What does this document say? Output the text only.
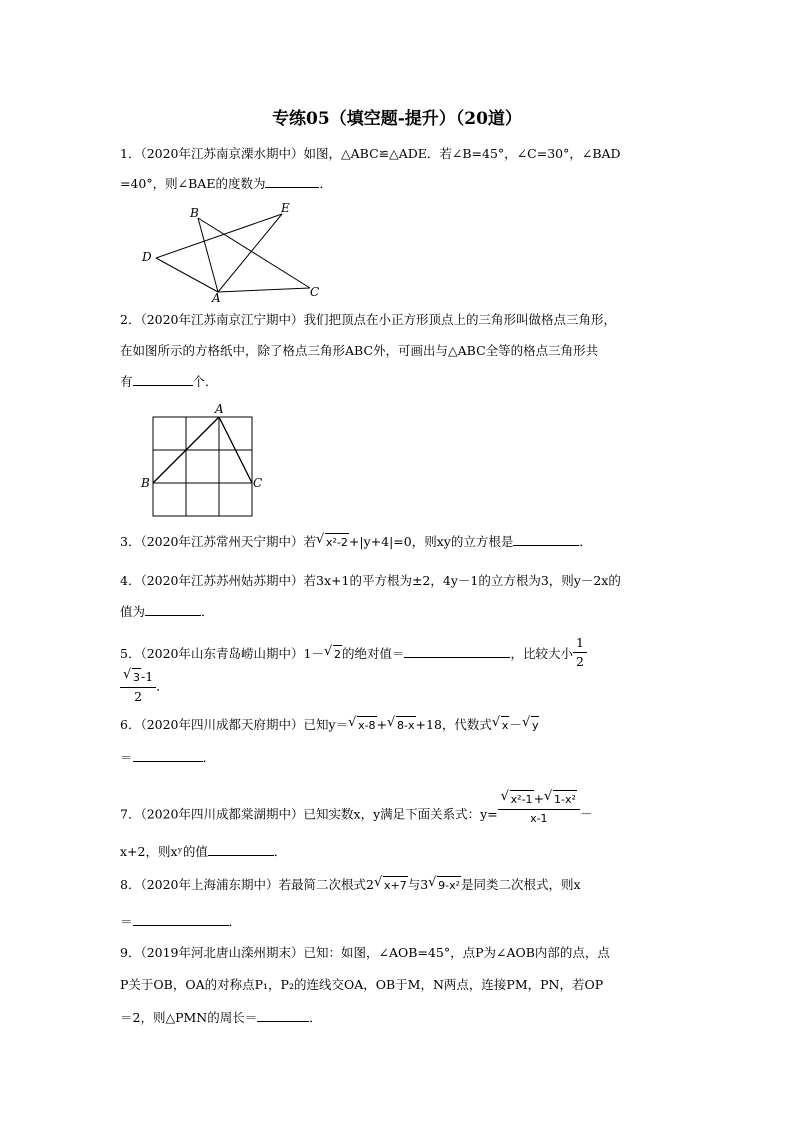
专练05（填空题-提升）（20道）
1．（2020年江苏南京溧水期中）如图，△ABC≌△ADE．若∠B=45°，∠C=30°，∠BAD
=40°，则∠BAE的度数为	．
B	E
D
A	C
2．（2020年江苏南京江宁期中）我们把顶点在小正方形顶点上的三角形叫做格点三角形，
在如图所示的方格纸中，除了格点三角形ABC外，可画出与△ABC全等的格点三角形共
有	个．
A
B	C
3．（2020年江苏常州天宁期中）若 √ x²-2+|y+4|=0，则xy的立方根是	．
4．（2020年江苏苏州姑苏期中）若3x+1的平方根为±2，4y－1的立方根为3，则y－2x的
值为	．
5．（2020年山东青岛崂山期中）1－ √ 2的绝对值＝	，比较大小 $\frac{1}{2}$
$\frac{√ 3-1}{2}$ ．
6．（2020年四川成都天府期中）已知y＝ √ x-8+ √ 8-x+18，代数式 √ x－ √ y
＝	．
7．（2020年四川成都棠湖期中）已知实数x，y满足下面关系式：$y= \frac{\text{√ x²-1+ √ 1-x²}}{x-1}$ －
x+2，则xʸ的值	．
8．（2020年上海浦东期中）若最简二次根式2 √ x+7与3 √ 9-x²是同类二次根式，则x
＝	．
9．（2019年河北唐山滦州期末）已知：如图，∠AOB=45°，点P为∠AOB内部的点，点
P关于OB，OA的对称点P₁，P₂的连线交OA，OB于M，N两点，连接PM，PN，若OP
＝2，则△PMN的周长＝	．
